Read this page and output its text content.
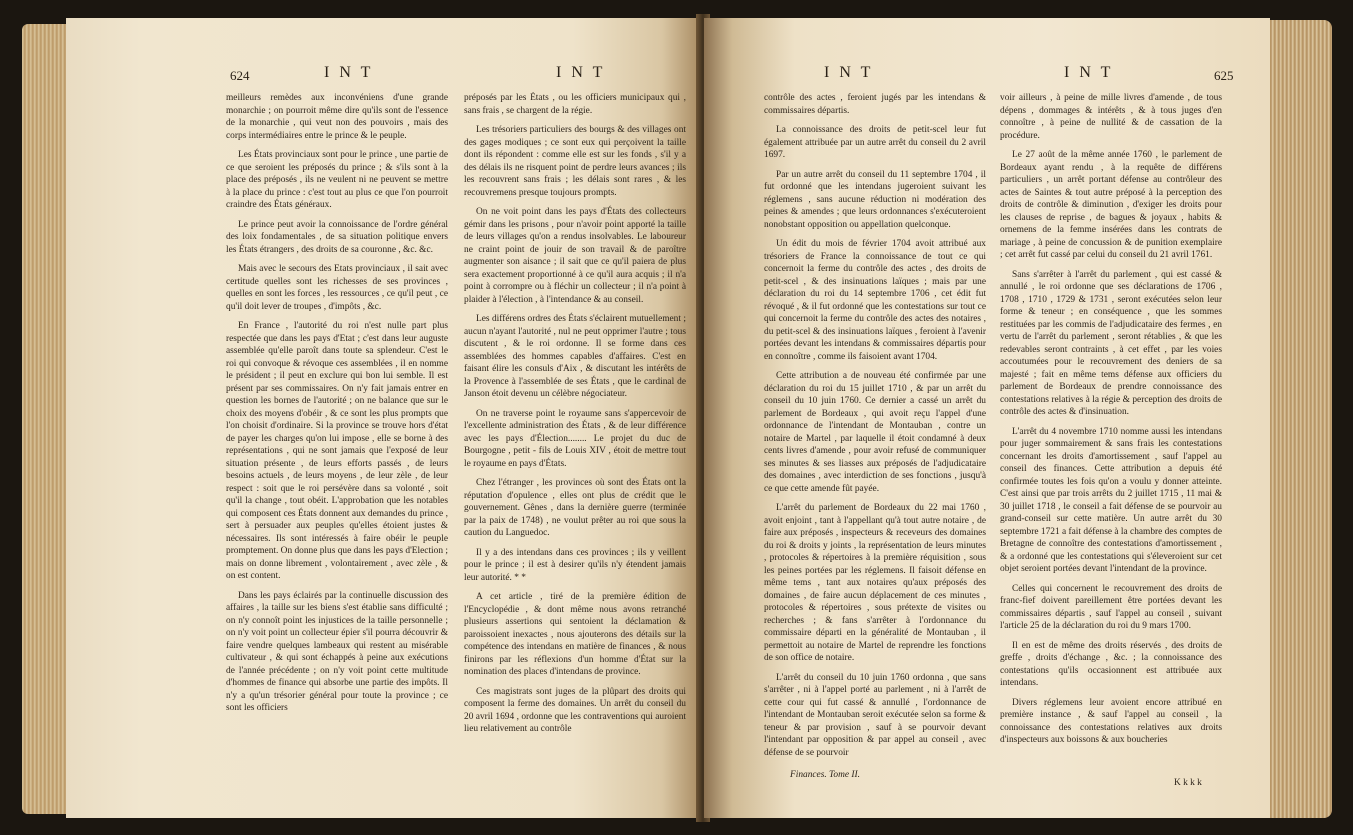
624	I N T	I N T

meilleurs remèdes aux inconvéniens d'une grande monarchie ; on pourroit même dire qu'ils sont de l'essence de la monarchie , qui veut non des pouvoirs , mais des corps intermédiaires entre le prince & le peuple.

Les États provinciaux sont pour le prince , une partie de ce que seroient les préposés du prince ; & s'ils sont à la place des préposés , ils ne veulent ni ne peuvent se mettre à la place du prince : c'est tout au plus ce que l'on pourroit craindre des États généraux.

Le prince peut avoir la connoissance de l'ordre général des loix fondamentales , de sa situation politique envers les États étrangers , des droits de sa couronne , &c. &c.

Mais avec le secours des Etats provinciaux , il sait avec certitude quelles sont les richesses de ses provinces , quelles en sont les forces , les ressources , ce qu'il peut , ce qu'il doit lever de troupes , d'impôts , &c.

En France , l'autorité du roi n'est nulle part plus respectée que dans les pays d'Etat ; c'est dans leur auguste assemblée qu'elle paroît dans toute sa splendeur. C'est le roi qui convoque & révoque ces assemblées , il en nomme le président ; il peut en exclure qui bon lui semble. Il est présent par ses commissaires. On n'y fait jamais entrer en question les bornes de l'autorité ; on ne balance que sur le choix des moyens d'obéir , & ce sont les plus prompts que l'on choisit d'ordinaire. Si la province se trouve hors d'état de payer les charges qu'on lui impose , elle se borne à des représentations , qui ne sont jamais que l'exposé de leur situation présente , de leurs efforts passés , de leurs besoins actuels , de leurs moyens , de leur zèle , de leur respect : soit que le roi persévère dans sa volonté , soit qu'il la change , tout obéit. L'approbation que les notables qui composent ces États donnent aux demandes du prince , sert à persuader aux peuples qu'elles étoient justes & nécessaires. Ils sont intéressés à faire obéir le peuple promptement. On donne plus que dans les pays d'Election ; mais on donne librement , volontairement , avec zèle , & on est content.

Dans les pays éclairés par la continuelle discussion des affaires , la taille sur les biens s'est établie sans difficulté ; on n'y connoît point les injustices de la taille personnelle ; on n'y voit point un collecteur épier s'il pourra découvrir & faire vendre quelques lambeaux qui restent au misérable cultivateur , & qui sont échappés à peine aux exécutions de l'année précédente ; on n'y voit point cette multitude d'hommes de finance qui absorbe une partie des impôts. Il n'y a qu'un trésorier général pour toute la province ; ce sont les officiers

préposés par les États , ou les officiers municipaux qui , sans frais , se chargent de la régie.

Les trésoriers particuliers des bourgs & des villages ont des gages modiques ; ce sont eux qui perçoivent la taille dont ils répondent : comme elle est sur les fonds , s'il y a des délais ils ne risquent point de perdre leurs avances ; ils les recouvrent sans frais ; les délais sont rares , & les recouvremens presque toujours prompts.

On ne voit point dans les pays d'États des collecteurs gémir dans les prisons , pour n'avoir point apporté la taille de leurs villages qu'on a rendus insolvables. Le laboureur ne craint point de jouir de son travail & de paroître augmenter son aisance ; il sait que ce qu'il paiera de plus sera exactement proportionné à ce qu'il aura acquis ; il n'a point à corrompre ou à fléchir un collecteur ; il n'a point à plaider à l'élection , à l'intendance & au conseil.

Les différens ordres des États s'éclairent mutuellement ; aucun n'ayant l'autorité , nul ne peut opprimer l'autre ; tous discutent , & le roi ordonne. Il se forme dans ces assemblées des hommes capables d'affaires. C'est en faisant élire les consuls d'Aix , & discutant les intérêts de la Provence à l'assemblée de ses États , que le cardinal de Janson étoit devenu un célèbre négociateur.

On ne traverse point le royaume sans s'appercevoir de l'excellente administration des États , & de leur différence avec les pays d'Élection........ Le projet du duc de Bourgogne , petit - fils de Louis XIV , étoit de mettre tout le royaume en pays d'États.

Chez l'étranger , les provinces où sont des États ont la réputation d'opulence , elles ont plus de crédit que le gouvernement. Gênes , dans la dernière guerre (terminée par la paix de 1748) , ne voulut prêter au roi que sous la caution du Languedoc.

Il y a des intendans dans ces provinces ; ils y veillent pour le prince ; il est à desirer qu'ils n'y étendent jamais leur autorité. * *

A cet article , tiré de la première édition de l'Encyclopédie , & dont même nous avons retranché plusieurs assertions qui sentoient la déclamation & paroissoient inexactes , nous ajouterons des détails sur la compétence des intendans en matière de finances , & nous finirons par les réflexions d'un homme d'État sur la nomination des places d'intendans de province.

Ces magistrats sont juges de la plûpart des droits qui composent la ferme des domaines. Un arrêt du conseil du 20 avril 1694 , ordonne que les contraventions qui auroient lieu relativement au contrôle

I N T	I N T	625

contrôle des actes , feroient jugés par les intendans & commissaires départis.

La connoissance des droits de petit-scel leur fut également attribuée par un autre arrêt du conseil du 2 avril 1697.

Par un autre arrêt du conseil du 11 septembre 1704 , il fut ordonné que les intendans jugeroient suivant les réglemens , sans aucune réduction ni modération des peines & amendes ; que leurs ordonnances s'exécuteroient nonobstant opposition ou appellation quelconque.

Un édit du mois de février 1704 avoit attribué aux trésoriers de France la connoissance de tout ce qui concernoit la ferme du contrôle des actes , des droits de petit-scel , & des insinuations laïques ; mais par une déclaration du roi du 14 septembre 1706 , cet édit fut révoqué , & il fut ordonné que les contestations sur tout ce qui concernoit la ferme du contrôle des actes des notaires , du petit-scel & des insinuations laïques , feroient à l'avenir portées devant les intendans & commissaires départis pour en connoître , comme ils faisoient avant 1704.

Cette attribution a de nouveau été confirmée par une déclaration du roi du 15 juillet 1710 , & par un arrêt du conseil du 10 juin 1760. Ce dernier a cassé un arrêt du parlement de Bordeaux , qui avoit reçu l'appel d'une ordonnance de l'intendant de Montauban , contre un notaire de Martel , par laquelle il étoit condamné à deux cents livres d'amende , pour avoir refusé de communiquer ses minutes & ses liasses aux préposés de l'adjudicataire des domaines , avec interdiction de ses fonctions , jusqu'à ce que cette amende fût payée.

L'arrêt du parlement de Bordeaux du 22 mai 1760 , avoit enjoint , tant à l'appellant qu'à tout autre notaire , de faire aux préposés , inspecteurs & receveurs des domaines du roi & droits y joints , la représentation de leurs minutes , protocoles & répertoires à la première réquisition , sous les peines portées par les réglemens. Il faisoit défense en même tems , tant aux notaires qu'aux préposés des domaines , de faire aucun déplacement de ces minutes , protocoles & répertoires , sous prétexte de visites ou recherches ; & fans s'arrêter à l'ordonnance du commissaire départi en la généralité de Montauban , il permettoit au notaire de Martel de reprendre les fonctions de son office de notaire.

L'arrêt du conseil du 10 juin 1760 ordonna , que sans s'arrêter , ni à l'appel porté au parlement , ni à l'arrêt de cette cour qui fut cassé & annullé , l'ordonnance de l'intendant de Montauban seroit exécutée selon sa forme & teneur & par provision , sauf à se pourvoir devant l'intendant par opposition & par appel au conseil , avec défense de se pourvoir

voir ailleurs , à peine de mille livres d'amende , de tous dépens , dommages & intérêts , & à tous juges d'en connoître , à peine de nullité & de cassation de la procédure.

Le 27 août de la même année 1760 , le parlement de Bordeaux ayant rendu , à la requête de différens particuliers , un arrêt portant défense au contrôleur des actes de Saintes & tout autre préposé à la perception des droits de contrôle & diminution , d'exiger les droits pour les clauses de reprise , de bagues & joyaux , habits & ornemens de la femme insérées dans les contrats de mariage , à peine de concussion & de punition exemplaire ; cet arrêt fut cassé par celui du conseil du 21 avril 1761.

Sans s'arrêter à l'arrêt du parlement , qui est cassé & annullé , le roi ordonne que ses déclarations de 1706 , 1708 , 1710 , 1729 & 1731 , seront exécutées selon leur forme & teneur ; en conséquence , que les sommes restituées par les commis de l'adjudicataire des fermes , en vertu de l'arrêt du parlement , seront rétablies , & que les redevables seront contraints , à cet effet , par les voies accoutumées pour le recouvrement des deniers de sa majesté ; fait en même tems défense aux officiers du parlement de Bordeaux de prendre connoissance des contestations relatives à la régie & perception des droits de contrôle des actes & d'insinuation.

L'arrêt du 4 novembre 1710 nomme aussi les intendans pour juger sommairement & sans frais les contestations concernant les droits d'amortissement , sauf l'appel au conseil des finances. Cette attribution a depuis été confirmée toutes les fois qu'on a voulu y donner atteinte. C'est ainsi que par trois arrêts du 2 juillet 1715 , 11 mai & 30 juillet 1718 , le conseil a fait défense de se pourvoir au grand-conseil sur cette matière. Un autre arrêt du 30 septembre 1721 a fait défense à la chambre des comptes de Bretagne de connoître des contestations d'amortissement , & a ordonné que les contestations qui s'éleveroient sur cet objet seroient portées devant l'intendant de la province.

Celles qui concernent le recouvrement des droits de franc-fief doivent pareillement être portées devant les commissaires départis , sauf l'appel au conseil , suivant l'article 25 de la déclaration du roi du 9 mars 1700.

Il en est de même des droits réservés , des droits de greffe , droits d'échange , &c. ; la connoissance des contestations qu'ils occasionnent est attribuée aux intendans.

Divers réglemens leur avoient encore attribué en première instance , & sauf l'appel au conseil , la connoissance des contestations relatives aux droits d'inspecteurs aux boissons & aux boucheries

Finances. Tome II.
K k k k
